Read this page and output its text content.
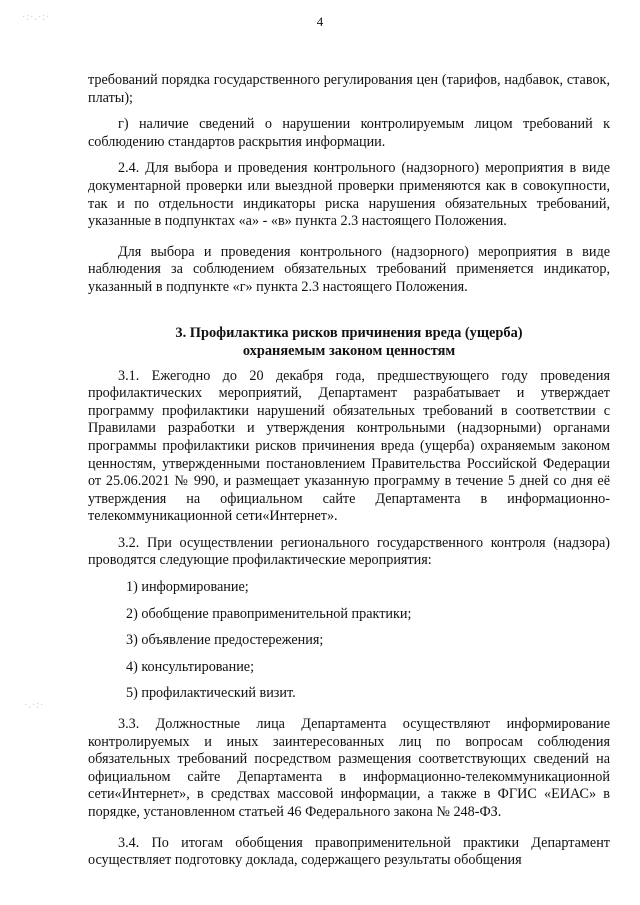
·:·.·:·
·.·:·
4

требований порядка государственного регулирования цен (тарифов, надбавок, ставок, платы);

г) наличие сведений о нарушении контролируемым лицом требований к соблюдению стандартов раскрытия информации.

2.4. Для выбора и проведения контрольного (надзорного) мероприятия в виде документарной проверки или выездной проверки применяются как в совокупности, так и по отдельности индикаторы риска нарушения обязательных требований, указанные в подпунктах «а» - «в» пункта 2.3 настоящего Положения.

Для выбора и проведения контрольного (надзорного) мероприятия в виде наблюдения за соблюдением обязательных требований применяется индикатор, указанный в подпункте «г» пункта 2.3 настоящего Положения.

3. Профилактика рисков причинения вреда (ущерба)

охраняемым законом ценностям

3.1. Ежегодно до 20 декабря года, предшествующего году проведения профилактических мероприятий, Департамент разрабатывает и утверждает программу профилактики нарушений обязательных требований в соответствии с Правилами разработки и утверждения контрольными (надзорными) органами программы профилактики рисков причинения вреда (ущерба) охраняемым законом ценностям, утвержденными постановлением Правительства Российской Федерации от 25.06.2021 № 990, и размещает указанную программу в течение 5 дней со дня её утверждения на официальном сайте Департамента в информационно-телекоммуникационной сети«Интернет».

3.2. При осуществлении регионального государственного контроля (надзора) проводятся следующие профилактические мероприятия:

1) информирование;

2) обобщение правоприменительной практики;

3) объявление предостережения;

4) консультирование;

5) профилактический визит.

3.3. Должностные лица Департамента осуществляют информирование контролируемых и иных заинтересованных лиц по вопросам соблюдения обязательных требований посредством размещения соответствующих сведений на официальном сайте Департамента в информационно-телекоммуникационной сети«Интернет», в средствах массовой информации, а также в ФГИС «ЕИАС» в порядке, установленном статьей 46 Федерального закона № 248-ФЗ.

3.4. По итогам обобщения правоприменительной практики Департамент осуществляет подготовку доклада, содержащего результаты обобщения
